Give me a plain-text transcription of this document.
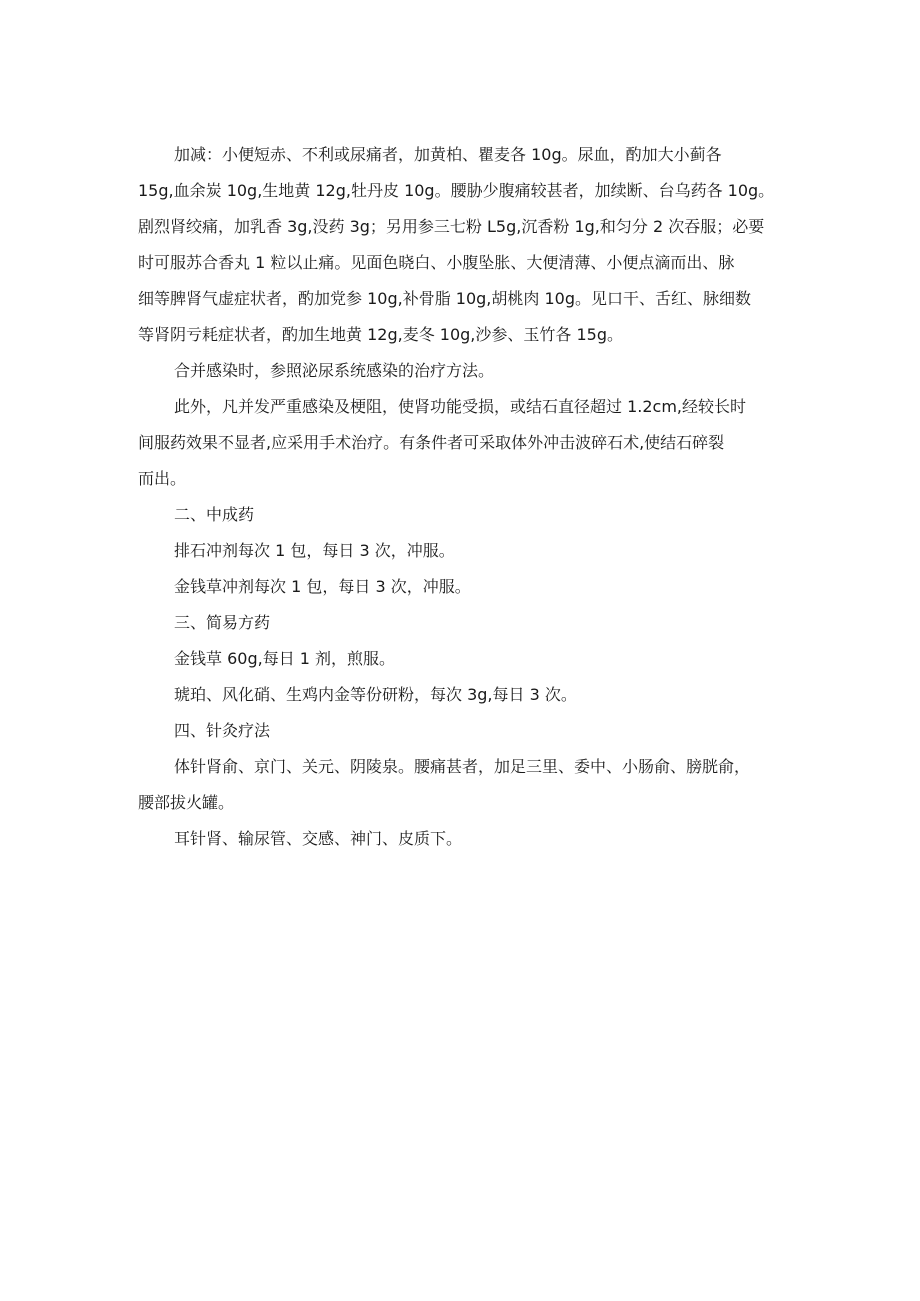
加减：小便短赤、不利或尿痛者，加黄柏、瞿麦各 10g。尿血，酌加大小蓟各
15g,血余炭 10g,生地黄 12g,牡丹皮 10g。腰胁少腹痛较甚者，加续断、台乌药各 10g。
剧烈肾绞痛，加乳香 3g,没药 3g；另用参三七粉 L5g,沉香粉 1g,和匀分 2 次吞服；必要
时可服苏合香丸 1 粒以止痛。见面色晓白、小腹坠胀、大便清薄、小便点滴而出、脉
细等脾肾气虚症状者，酌加党参 10g,补骨脂 10g,胡桃肉 10g。见口干、舌红、脉细数
等肾阴亏耗症状者，酌加生地黄 12g,麦冬 10g,沙参、玉竹各 15g。

合并感染时，参照泌尿系统感染的治疗方法。

此外，凡并发严重感染及梗阻，使肾功能受损，或结石直径超过 1.2cm,经较长时
间服药效果不显者,应采用手术治疗。有条件者可采取体外冲击波碎石术,使结石碎裂
而出。

二、中成药

排石冲剂每次 1 包，每日 3 次，冲服。

金钱草冲剂每次 1 包，每日 3 次，冲服。

三、简易方药

金钱草 60g,每日 1 剂，煎服。

琥珀、风化硝、生鸡内金等份研粉，每次 3g,每日 3 次。

四、针灸疗法

体针肾俞、京门、关元、阴陵泉。腰痛甚者，加足三里、委中、小肠俞、膀胱俞，
腰部拔火罐。

耳针肾、输尿管、交感、神门、皮质下。
